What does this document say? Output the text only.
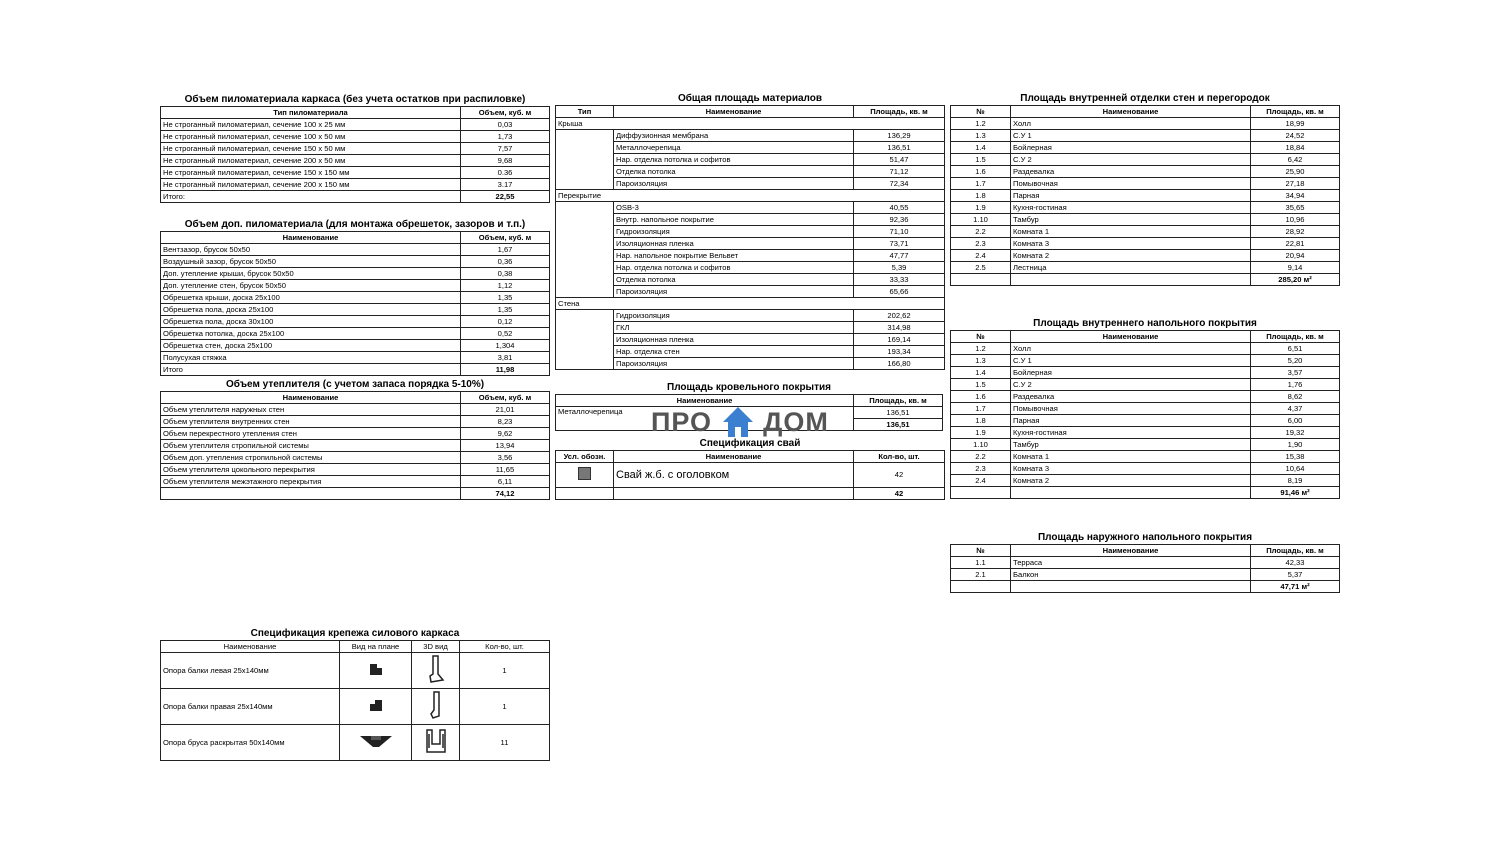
Объем пиломатериала каркаса (без учета остатков при распиловке)
Тип пиломатериала	Объем, куб. м
Не строганный пиломатериал, сечение 100 х 25 мм	0,03
Не строганный пиломатериал, сечение 100 х 50 мм	1,73
Не строганный пиломатериал, сечение 150 х 50 мм	7,57
Не строганный пиломатериал, сечение 200 х 50 мм	9,68
Не строганный пиломатериал, сечение 150 х 150 мм	0.36
Не строганный пиломатериал, сечение 200 х 150 мм	3.17
Итого:	22,55
Объем доп. пиломатериала (для монтажа обрешеток, зазоров и т.п.)
Наименование	Объем, куб. м
Вентзазор, брусок 50х50	1,67
Воздушный зазор, брусок 50х50	0,36
Доп. утепление крыши, брусок 50х50	0,38
Доп. утепление стен, брусок 50х50	1,12
Обрешетка крыши, доска 25х100	1,35
Обрешетка пола, доска 25х100	1,35
Обрешетка пола, доска 30х100	0,12
Обрешетка потолка, доска 25х100	0,52
Обрешетка стен, доска 25х100	1,304
Полусухая стяжка	3,81
Итого	11,98
Объем утеплителя (с учетом запаса порядка 5-10%)
Наименование	Объем, куб. м
Объем утеплителя наружных стен	21,01
Объем утеплителя внутренних стен	8,23
Объем перекрестного утепления стен	9,62
Объем утеплителя стропильной системы	13,94
Объем доп. утепления стропильной системы	3,56
Объем утеплителя цокольного перекрытия	11,65
Объем утеплителя межэтажного перекрытия	6,11
	74,12
Общая площадь материалов
Тип	Наименование	Площадь, кв. м
Крыша		
	Диффузионная мембрана	136,29
	Металлочерепица	136,51
	Нар. отделка потолка и софитов	51,47
	Отделка потолка	71,12
	Пароизоляция	72,34
Перекрытие		
	OSB-3	40,55
	Внутр. напольное покрытие	92,36
	Гидроизоляция	71,10
	Изоляционная пленка	73,71
	Нар. напольное покрытие Вельвет	47,77
	Нар. отделка потолка и софитов	5,39
	Отделка потолка	33,33
	Пароизоляция	65,66
Стена		
	Гидроизоляция	202,62
	ГКЛ	314,98
	Изоляционная пленка	169,14
	Нар. отделка стен	193,34
	Пароизоляция	166,80
Площадь кровельного покрытия
Наименование	Площадь, кв. м
Металлочерепица	136,51
	136,51
ПРО ДОМ
Спецификация свай
Усл. обозн.	Наименование	Кол-во, шт.
	Свай ж.б. с оголовком	42
		42
Площадь внутренней отделки стен и перегородок
№	Наименование	Площадь, кв. м
1.2	Холл	18,99
1.3	С.У 1	24,52
1.4	Бойлерная	18,84
1.5	С.У 2	6,42
1.6	Раздевалка	25,90
1.7	Помывочная	27,18
1.8	Парная	34,94
1.9	Кухня-гостиная	35,65
1.10	Тамбур	10,96
2.2	Комната 1	28,92
2.3	Комната 3	22,81
2.4	Комната 2	20,94
2.5	Лестница	9,14
		285,20 м²
Площадь внутреннего напольного покрытия
№	Наименование	Площадь, кв. м
1.2	Холл	6,51
1.3	С.У 1	5,20
1.4	Бойлерная	3,57
1.5	С.У 2	1,76
1.6	Раздевалка	8,62
1.7	Помывочная	4,37
1.8	Парная	6,00
1.9	Кухня-гостиная	19,32
1.10	Тамбур	1,90
2.2	Комната 1	15,38
2.3	Комната 3	10,64
2.4	Комната 2	8,19
		91,46 м²
Площадь наружного напольного покрытия
№	Наименование	Площадь, кв. м
1.1	Терраса	42,33
2.1	Балкон	5,37
		47,71 м²
Спецификация крепежа силового каркаса
Наименование	Вид на плане	3D вид	Кол-во, шт.
Опора балки левая 25х140мм			1
Опора балки правая 25х140мм			1
Опора бруса раскрытая 50х140мм			11
